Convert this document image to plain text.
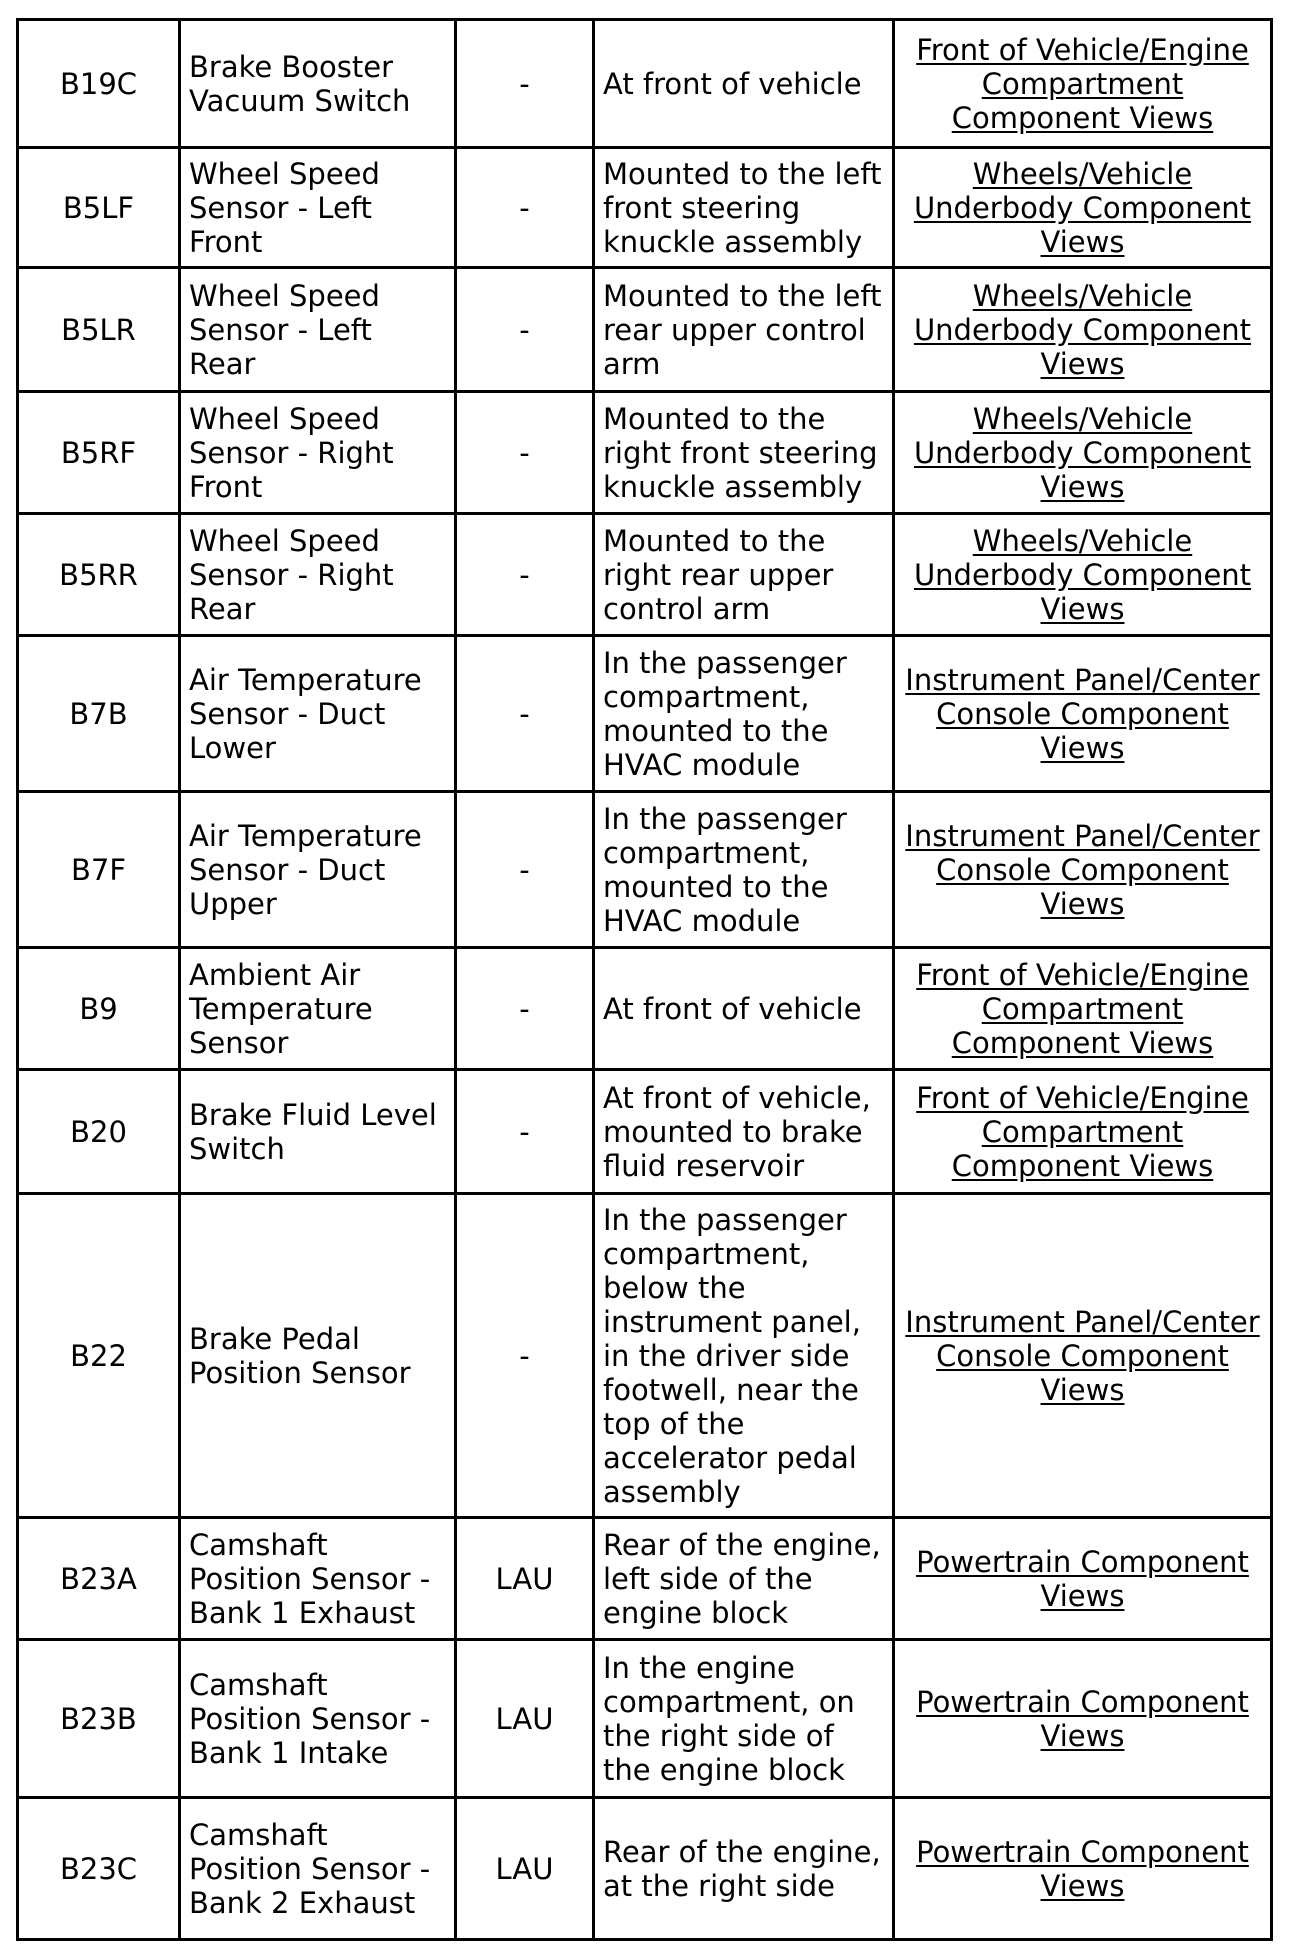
B19C	Brake Booster Vacuum Switch	-	At front of vehicle	Front of Vehicle/Engine Compartment Component Views
B5LF	Wheel Speed Sensor - Left Front	-	Mounted to the left front steering knuckle assembly	Wheels/Vehicle Underbody Component Views
B5LR	Wheel Speed Sensor - Left Rear	-	Mounted to the left rear upper control arm	Wheels/Vehicle Underbody Component Views
B5RF	Wheel Speed Sensor - Right Front	-	Mounted to the right front steering knuckle assembly	Wheels/Vehicle Underbody Component Views
B5RR	Wheel Speed Sensor - Right Rear	-	Mounted to the right rear upper control arm	Wheels/Vehicle Underbody Component Views
B7B	Air Temperature Sensor - Duct Lower	-	In the passenger compartment, mounted to the HVAC module	Instrument Panel/Center Console Component Views
B7F	Air Temperature Sensor - Duct Upper	-	In the passenger compartment, mounted to the HVAC module	Instrument Panel/Center Console Component Views
B9	Ambient Air Temperature Sensor	-	At front of vehicle	Front of Vehicle/Engine Compartment Component Views
B20	Brake Fluid Level Switch	-	At front of vehicle, mounted to brake fluid reservoir	Front of Vehicle/Engine Compartment Component Views
B22	Brake Pedal Position Sensor	-	In the passenger compartment, below the instrument panel, in the driver side footwell, near the top of the accelerator pedal assembly	Instrument Panel/Center Console Component Views
B23A	Camshaft Position Sensor - Bank 1 Exhaust	LAU	Rear of the engine, left side of the engine block	Powertrain Component Views
B23B	Camshaft Position Sensor - Bank 1 Intake	LAU	In the engine compartment, on the right side of the engine block	Powertrain Component Views
B23C	Camshaft Position Sensor - Bank 2 Exhaust	LAU	Rear of the engine, at the right side	Powertrain Component Views
